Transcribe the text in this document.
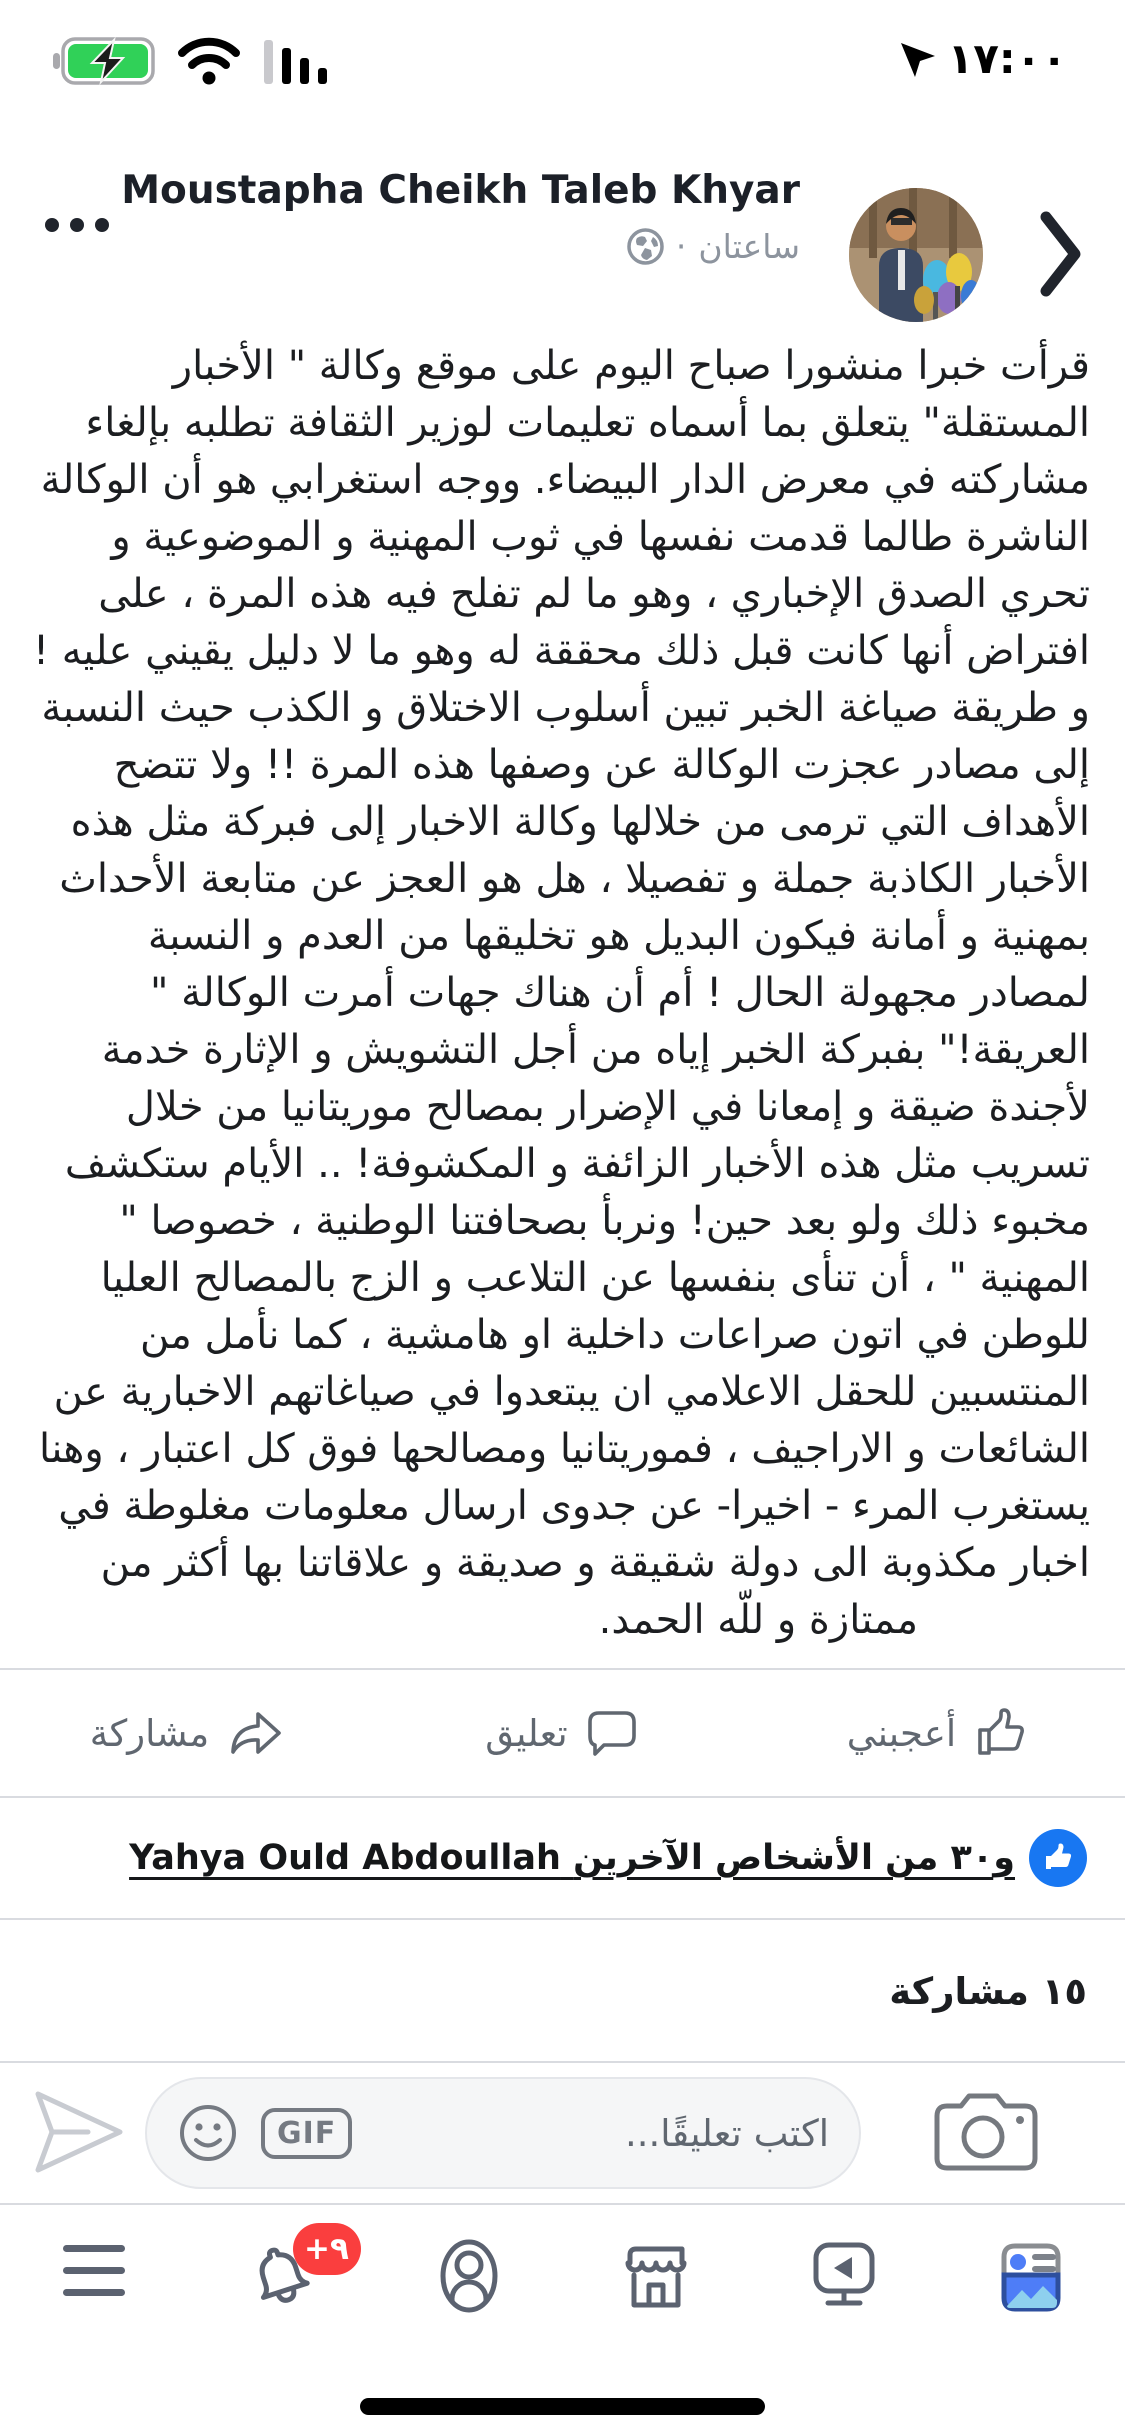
١٧:٠٠
Moustapha Cheikh Taleb Khyar
ساعتان
·
قرأت خبرا منشورا صباح اليوم على موقع وكالة " الأخبار
المستقلة" يتعلق بما أسماه تعليمات لوزير الثقافة تطلبه بإلغاء
مشاركته في معرض الدار البيضاء. ووجه استغرابي هو أن الوكالة
الناشرة طالما قدمت نفسها في ثوب المهنية و الموضوعية و
تحري الصدق الإخباري ، وهو ما لم تفلح فيه هذه المرة ، على
افتراض أنها كانت قبل ذلك محققة له وهو ما لا دليل يقيني عليه !
و طريقة صياغة الخبر تبين أسلوب الاختلاق و الكذب حيث النسبة
إلى مصادر عجزت الوكالة عن وصفها هذه المرة !! ولا تتضح
الأهداف التي ترمى من خلالها وكالة الاخبار إلى فبركة مثل هذه
الأخبار الكاذبة جملة و تفصيلا ، هل هو العجز عن متابعة الأحداث
بمهنية و أمانة فيكون البديل هو تخليقها من العدم و النسبة
لمصادر مجهولة الحال ! أم أن هناك جهات أمرت الوكالة "
العريقة!" بفبركة الخبر إياه من أجل التشويش و الإثارة خدمة
لأجندة ضيقة و إمعانا في الإضرار بمصالح موريتانيا من خلال
تسريب مثل هذه الأخبار الزائفة و المكشوفة! .. الأيام ستكشف
مخبوء ذلك ولو بعد حين! ونربأ بصحافتنا الوطنية ، خصوصا "
المهنية " ، أن تنأى بنفسها عن التلاعب و الزج بالمصالح العليا
للوطن في اتون صراعات داخلية او هامشية ، كما نأمل من
المنتسبين للحقل الاعلامي ان يبتعدوا في صياغاتهم الاخبارية عن
الشائعات و الاراجيف ، فموريتانيا ومصالحها فوق كل اعتبار ، وهنا
يستغرب المرء - اخيرا- عن جدوى ارسال معلومات مغلوطة في
اخبار مكذوبة الى دولة شقيقة و صديقة و علاقاتنا بها أكثر من
ممتازة و للّه الحمد.
أعجبني
تعليق
مشاركة
Yahya Ould Abdoullah و٣٠ من الأشخاص الآخرين
١٥ مشاركة
GIF
اكتب تعليقًا...
٩+
